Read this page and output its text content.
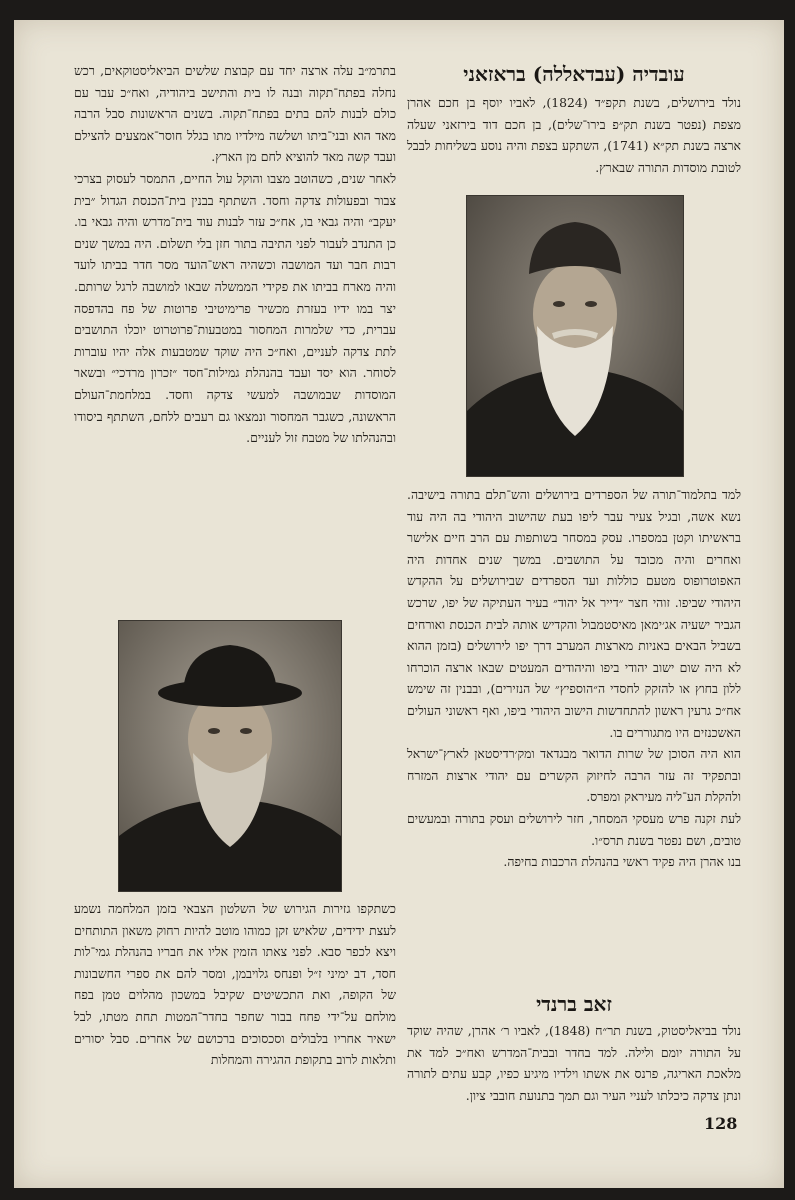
עובדיה (עבדאללה) בראזאני

נולד בירושלים, בשנת תקפ״ד (1824), לאביו יוסף בן חכם אהרן מצפת (נפטר בשנת תק״פ בירו־שלים), בן חכם דוד בירזאני שעלה ארצה בשנת תק״א (1741), השתקע בצפת והיה נוסע בשליחות לבבל לטובת מוסדות התורה שבארץ.

למד בתלמוד־תורה של הספרדים בירושלים והש־תלם בתורה בישיבה. נשא אשה, ובגיל צעיר עבר ליפו בעת שהישוב היהודי בה היה עוד בראשיתו וקטן במספרו. עסק במסחר בשותפות עם הרב חיים אלישר ואחרים והיה מכובד על התושבים. במשך שנים אחדות היה האפוטרופוס מטעם כוללות ועד הספרדים שבירושלים על ההקדש היהודי שביפו. זוהי חצר ״דייר אל יהוד״ בעיר העתיקה של יפו, שרכש הגביר ישעיה אג׳ימאן מאיסטמבול והקדיש אותה לבית הכנסת ואורחים בשביל הבאים באניות מארצות המערב דרך יפו לירושלים (בזמן ההוא לא היה שום ישוב יהודי ביפו והיהודים המעטים שבאו ארצה הוכרחו ללון בחוץ או להזקק לחסדי ה״הוספיץ״ של הנזירים), ובבנין זה שימש אח״כ גרעין ראשון להתחדשות הישוב היהודי ביפו, ואף ראשוני העולים האשכנזים היו מתגוררים בו.

הוא היה הסוכן של שרות הדואר מבגדאד ומק׳רדיסטאן לארץ־ישראל ובתפקיד זה עזר הרבה לחיזוק הקשרים עם יהודי ארצות המזרח ולהקלת הע־ליה מעיראק ומפרס.

לעת זקנה פרש מעסקי המסחר, חזר לירושלים ועסק בתורה ובמעשים טובים, ושם נפטר בשנת תרס״ו.

בנו אהרן היה פקיד ראשי בהנהלת הרכבות בחיפה.

זאב ברנדי

נולד בביאליסטוק, בשנת תר״ח (1848), לאביו ר׳ אהרן, שהיה שוקד על התורה יומם ולילה. למד בחדר ובבית־המדרש ואח״כ למד את מלאכת האריגה, פרנס את אשתו וילדיו מיגיע כפיו, קבע עתים לתורה ונתן צדקה כיכלתו לעניי העיר וגם תמך בתנועת חובבי ציון.

בתרמ״ב עלה ארצה יחד עם קבוצת שלשים הביאליסטוקאים, רכש נחלה בפתח־תקוה ובנה לו בית והתישב ביהודיה, ואח״כ עבר עם כולם לבנות להם בתים בפתח־תקוה. בשנים הראשונות סבל הרבה מאד הוא ובני־ביתו ושלשה מילדיו מתו בגלל חוסר־אמצעים להצילם ועבד קשה מאד להוציא לחם מן הארץ.

לאחר שנים, כשהוטב מצבו והוקל עול החיים, התמסר לעסוק בצרכי צבור ובפעולות צדקה וחסד. השתתף בבנין בית־הכנסת הגדול ״בית יעקב״ והיה גבאי בו, אח״כ עזר לבנות עוד בית־מדרש והיה גבאי בו. כן התנדב לעבור לפני התיבה בתור חזן בלי תשלום. היה במשך שנים רבות חבר ועד המושבה וכשהיה ראש־הועד מסר חדר בביתו לועד והיה מארח בביתו את פקידי הממשלה שבאו למושבה לרגל שרותם. יצר במו ידיו בעזרת מכשיר פרימיטיבי פרוטות של פח בהדפסה עברית, כדי שלמרות המחסור במטבעות־פרוטרוט יוכלו התושבים לתת צדקה לעניים, ואח״כ היה שוקד שמטבעות אלה יהיו עוברות לסוחר. הוא יסד ועבד בהנהלת גמילות־חסד ״זכרון מרדכי״ ובשאר המוסדות שבמושבה למעשי צדקה וחסד. במלחמת־העולם הראשונה, כשגבר המחסור ונמצאו גם רעבים ללחם, השתתף ביסודו ובהנהלתו של מטבח זול לעניים.

כשתקפו גזירות הגירוש של השלטון הצבאי בזמן המלחמה נשמע לעצת ידידים, שלאיש זקן כמוהו מוטב להיות רחוק משאון התותחים ויצא לכפר סבא. לפני צאתו הזמין אליו את חבריו בהנהלת גמי־לות חסד, דב ימיני ז״ל ופנחס גלויבמן, ומסר להם את ספרי החשבונות של הקופה, ואת התכשיטים שקיבל במשכון מהלוים טמן בפח מולחם על־ידי פחח בבור שחפר בחדר־המטות תחת מטתו, לבל ישאיר אחריו בלבולים וסכסוכים ברכושם של אחרים. סבל יסורים ותלאות לרוב בתקופת ההגירה והמחלות

128
